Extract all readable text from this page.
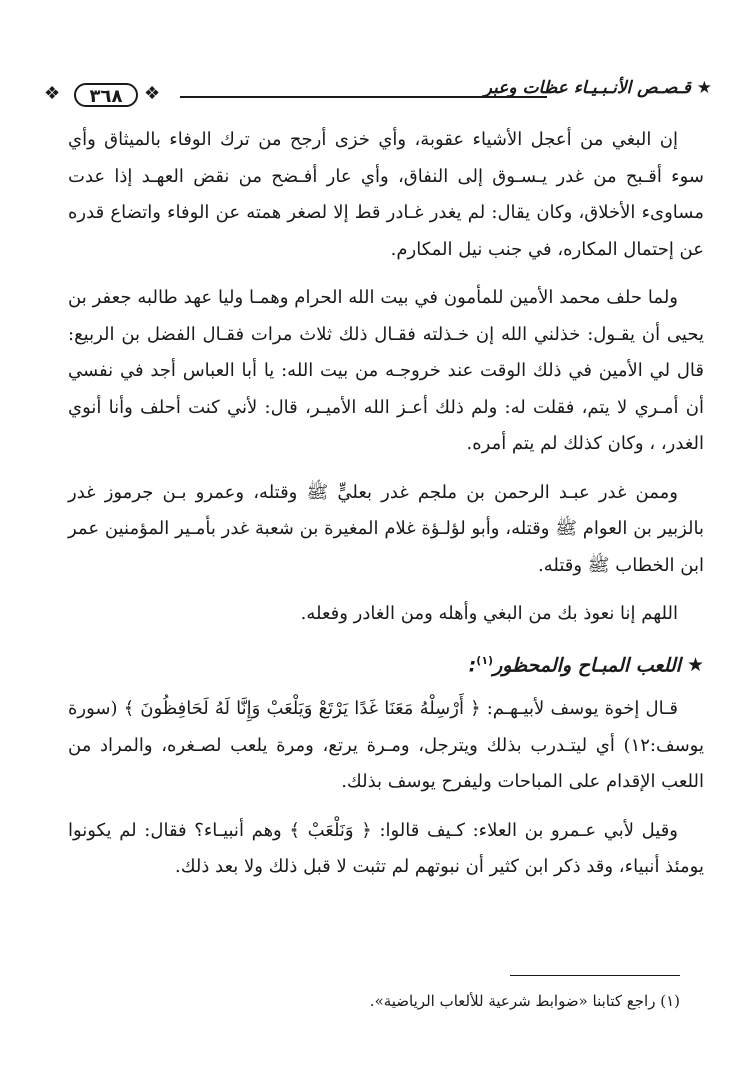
★ قـصـص الأنـبـيـاء عظات وعبر
❖	٣٦٨	❖

إن البغي من أعجل الأشياء عقوبة، وأي خزى أرجح من ترك الوفاء بالميثاق وأي سوء أقـبح من غدر يـسـوق إلى النفاق، وأي عار أفـضح من نقض العهـد إذا عدت مساوىء الأخلاق، وكان يقال: لم يغدر غـادر قط إلا لصغر همته عن الوفاء واتضاع قدره عن إحتمال المكاره، في جنب نيل المكارم.

ولما حلف محمد الأمين للمأمون في بيت الله الحرام وهمـا وليا عهد طالبه جعفر بن يحيى أن يقـول: خذلني الله إن خـذلته فقـال ذلك ثلاث مرات فقـال الفضل بن الربيع: قال لي الأمين في ذلك الوقت عند خروجـه من بيت الله: يا أبا العباس أجد في نفسي أن أمـري لا يتم، فقلت له: ولم ذلك أعـز الله الأميـر، قال: لأني كنت أحلف وأنا أنوي الغدر، ، وكان كذلك لم يتم أمره.

وممن غدر عبـد الرحمن بن ملجم غدر بعليٍّ ﷺ وقتله، وعمرو بـن جرموز غدر بالزبير بن العوام ﷺ وقتله، وأبو لؤلـؤة غلام المغيرة بن شعبة غدر بأمـير المؤمنين عمر ابن الخطاب ﷺ وقتله.

اللهم إنا نعوذ بك من البغي وأهله ومن الغادر وفعله.

★اللعب المبـاح والمحظور$^{(١)}$:

قـال إخوة يوسف لأبيـهـم: ﴿ أَرْسِلْهُ مَعَنَا غَدًا يَرْتَعْ وَيَلْعَبْ وَإِنَّا لَهُ لَحَافِظُونَ ﴾ (سورة يوسف:١٢) أي ليتـدرب بذلك ويترجل، ومـرة يرتع، ومرة يلعب لصـغره، والمراد من اللعب الإقدام على المباحات وليفرح يوسف بذلك.

وقيل لأبي عـمرو بن العلاء: كـيف قالوا: ﴿ وَنَلْعَبْ ﴾ وهم أنبيـاء؟ فقال: لم يكونوا يومئذ أنبياء، وقد ذكر ابن كثير أن نبوتهم لم تثبت لا قبل ذلك ولا بعد ذلك.

(١) راجع كتابنا «ضوابط شرعية للألعاب الرياضية».
